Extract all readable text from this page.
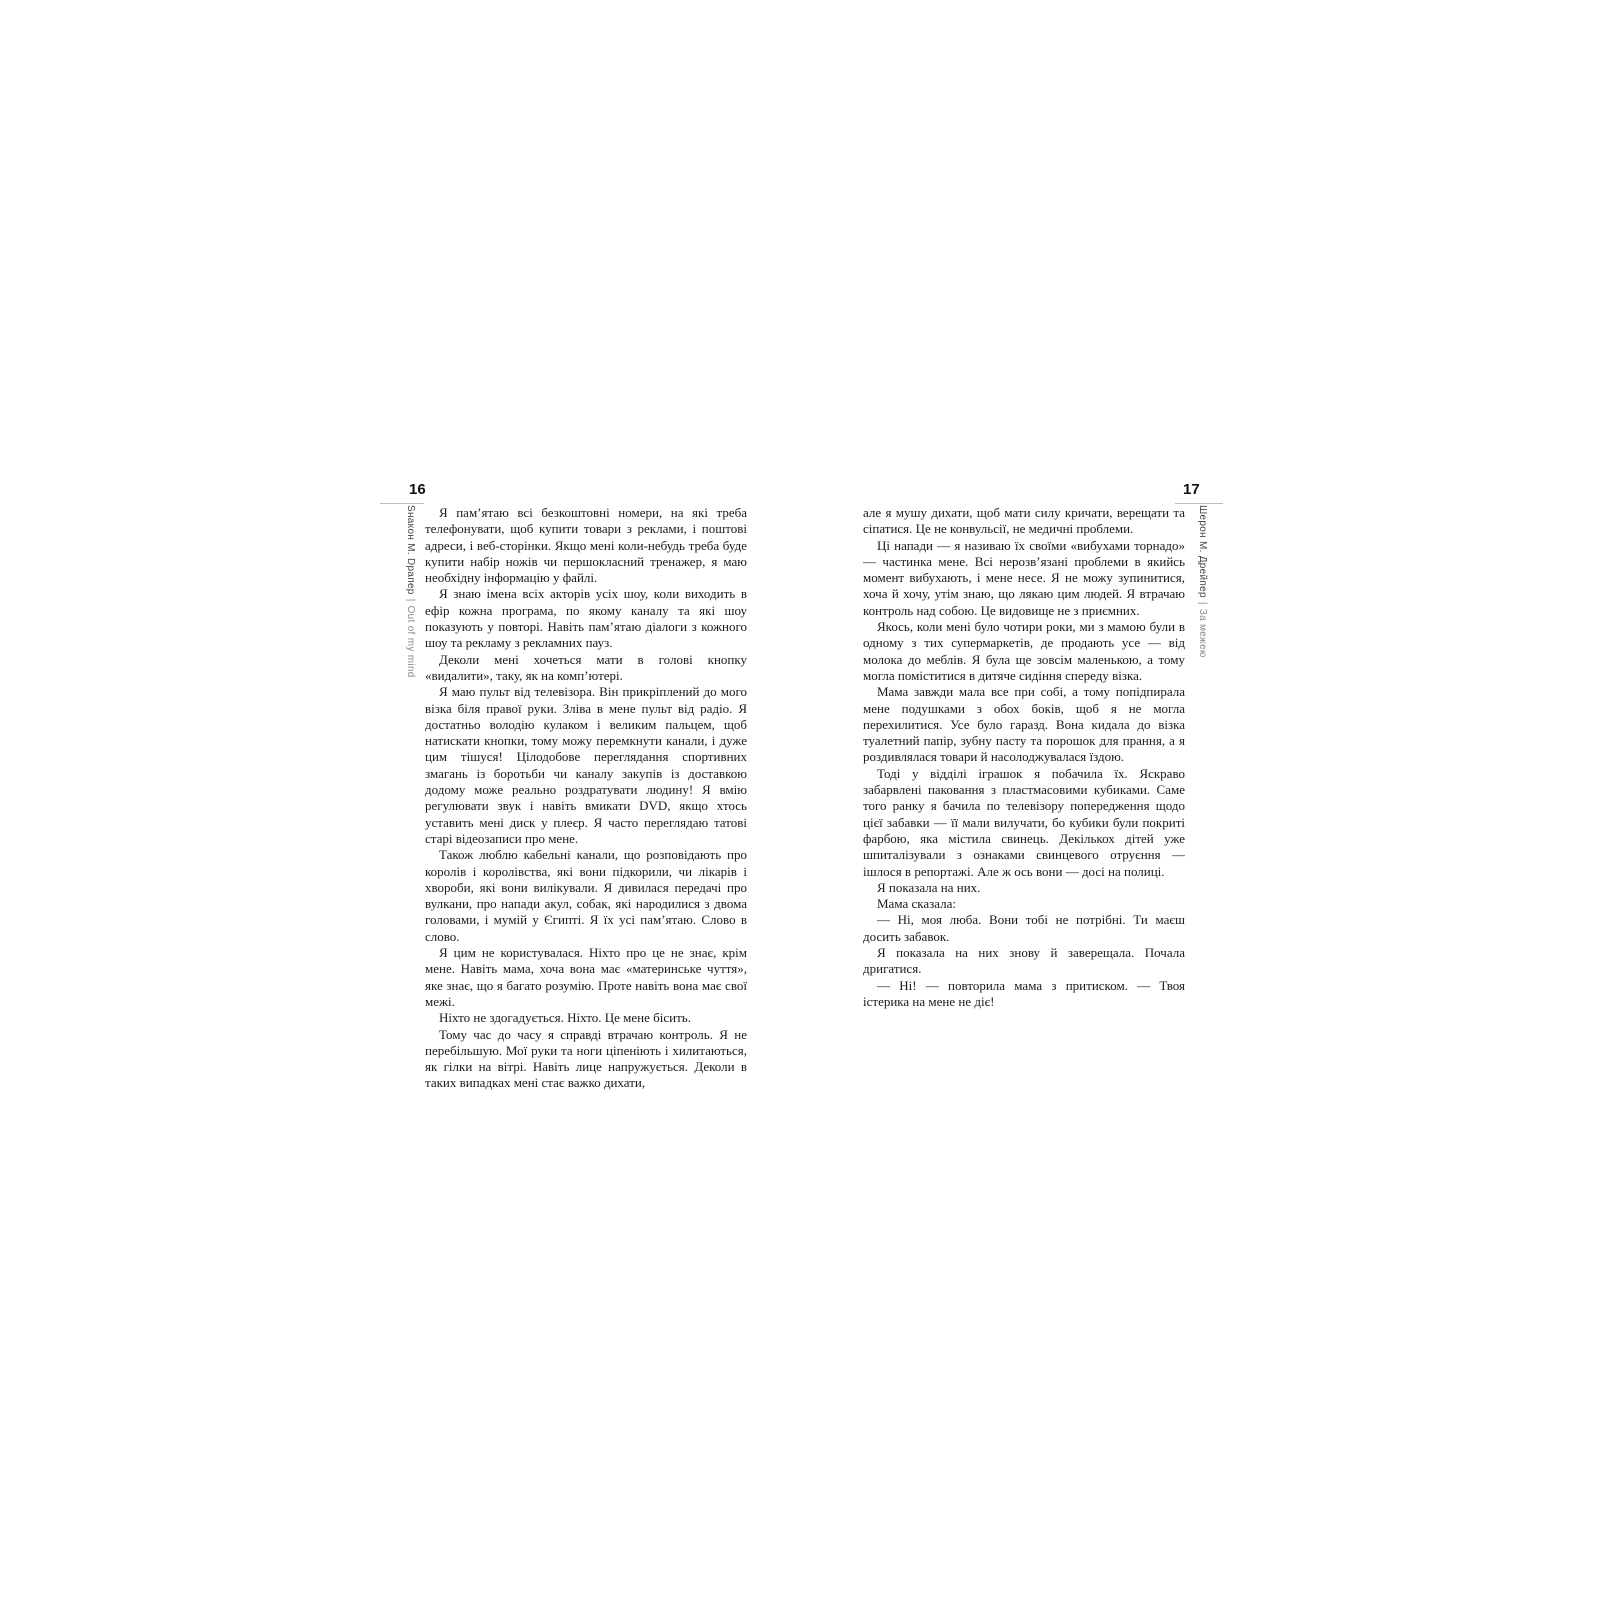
16
Sнакон М. Dрапер|Out of my mind

Я пам’ятаю всі безкоштовні номери, на які треба телефонувати, щоб купити товари з реклами, і поштові адреси, і веб-сторінки. Якщо мені коли-небудь треба буде купити набір ножів чи першокласний тренажер, я маю необхідну інформацію у файлі.

Я знаю імена всіх акторів усіх шоу, коли виходить в ефір кожна програма, по якому каналу та які шоу показують у повторі. Навіть пам’ятаю діалоги з кожного шоу та рекламу з рекламних пауз.

Деколи мені хочеться мати в голові кнопку «видалити», таку, як на комп’ютері.

Я маю пульт від телевізора. Він прикріплений до мого візка біля правої руки. Зліва в мене пульт від радіо. Я достатньо володію кулаком і великим пальцем, щоб натискати кнопки, тому можу перемкнути канали, і дуже цим тішуся! Цілодобове переглядання спортивних змагань із боротьби чи каналу закупів із доставкою додому може реально роздратувати людину! Я вмію регулювати звук і навіть вмикати DVD, якщо хтось уставить мені диск у плеєр. Я часто переглядаю татові старі відеозаписи про мене.

Також люблю кабельні канали, що розповідають про королів і королівства, які вони підкорили, чи лікарів і хвороби, які вони вилікували. Я дивилася передачі про вулкани, про напади акул, собак, які народилися з двома головами, і мумій у Єгипті. Я їх усі пам’ятаю. Слово в слово.

Я цим не користувалася. Ніхто про це не знає, крім мене. Навіть мама, хоча вона має «материнське чуття», яке знає, що я багато розумію. Проте навіть вона має свої межі.

Ніхто не здогадується. Ніхто. Це мене бісить.

Тому час до часу я справді втрачаю контроль. Я не перебільшую. Мої руки та ноги ціпеніють і хилитаються, як гілки на вітрі. Навіть лице напружується. Деколи в таких випадках мені стає важко дихати,

17
Шерон М. Дрейпер|За межею

але я мушу дихати, щоб мати силу кричати, верещати та сіпатися. Це не конвульсії, не медичні проблеми.

Ці напади — я називаю їх своїми «вибухами торнадо» — частинка мене. Всі нерозв’язані проблеми в якийсь момент вибухають, і мене несе. Я не можу зупинитися, хоча й хочу, утім знаю, що лякаю цим людей. Я втрачаю контроль над собою. Це видовище не з приємних.

Якось, коли мені було чотири роки, ми з мамою були в одному з тих супермаркетів, де продають усе — від молока до меблів. Я була ще зовсім маленькою, а тому могла поміститися в дитяче сидіння спереду візка.

Мама завжди мала все при собі, а тому попідпирала мене подушками з обох боків, щоб я не могла перехилитися. Усе було гаразд. Вона кидала до візка туалетний папір, зубну пасту та порошок для прання, а я роздивлялася товари й насолоджувалася їздою.

Тоді у відділі іграшок я побачила їх. Яскраво забарвлені паковання з пластмасовими кубиками. Саме того ранку я бачила по телевізору попередження щодо цієї забавки — її мали вилучати, бо кубики були покриті фарбою, яка містила свинець. Декількох дітей уже шпиталізували з ознаками свинцевого отруєння — ішлося в репортажі. Але ж ось вони — досі на полиці.

Я показала на них.

Мама сказала:

— Ні, моя люба. Вони тобі не потрібні. Ти маєш досить забавок.

Я показала на них знову й заверещала. Почала дригатися.

— Ні! — повторила мама з притиском. — Твоя істерика на мене не діє!
